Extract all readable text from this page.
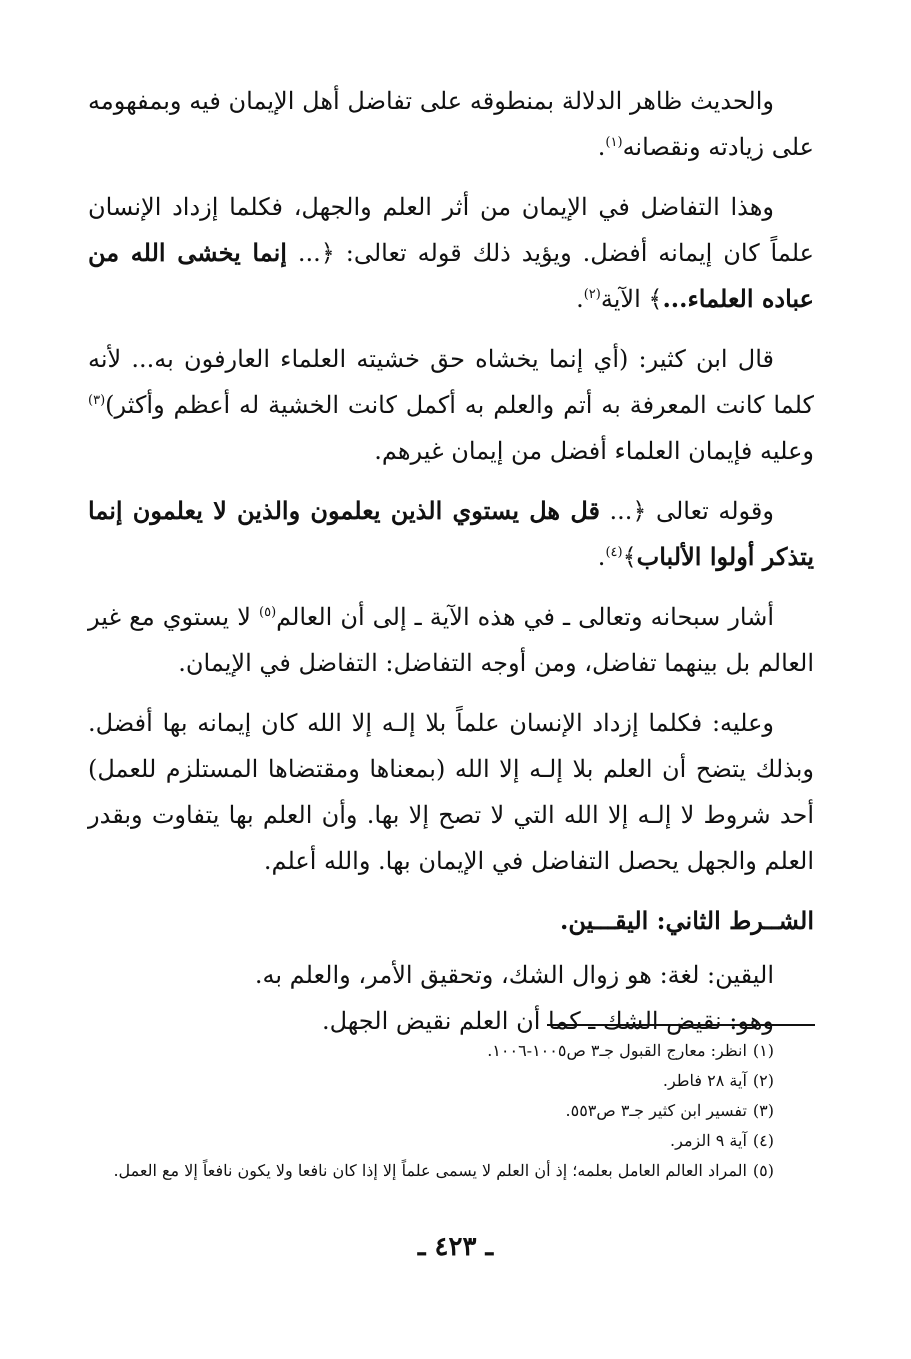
والحديث ظاهر الدلالة بمنطوقه على تفاضل أهل الإيمان فيه وبمفهومه على زيادته ونقصانه$^{(١)}$.

وهذا التفاضل في الإيمان من أثر العلم والجهل، فكلما إزداد الإنسان علماً كان إيمانه أفضل. ويؤيد ذلك قوله تعالى: ﴿... إنما يخشى الله من عباده العلماء...﴾ الآية$^{(٢)}$.

قال ابن كثير: (أي إنما يخشاه حق خشيته العلماء العارفون به... لأنه كلما كانت المعرفة به أتم والعلم به أكمل كانت الخشية له أعظم وأكثر)$^{(٣)}$ وعليه فإيمان العلماء أفضل من إيمان غيرهم.

وقوله تعالى ﴿... قل هل يستوي الذين يعلمون والذين لا يعلمون إنما يتذكر أولوا الألباب﴾$^{(٤)}$.

أشار سبحانه وتعالى ـ في هذه الآية ـ إلى أن العالم$^{(٥)}$ لا يستوي مع غير العالم بل بينهما تفاضل، ومن أوجه التفاضل: التفاضل في الإيمان.

وعليه: فكلما إزداد الإنسان علماً بلا إلـه إلا الله كان إيمانه بها أفضل. وبذلك يتضح أن العلم بلا إلـه إلا الله (بمعناها ومقتضاها المستلزم للعمل) أحد شروط لا إلـه إلا الله التي لا تصح إلا بها. وأن العلم بها يتفاوت وبقدر العلم والجهل يحصل التفاضل في الإيمان بها. والله أعلم.

الشــرط الثاني: اليقـــين.

اليقين: لغة: هو زوال الشك، وتحقيق الأمر، والعلم به.

وهو: نقيض الشك ـ كما أن العلم نقيض الجهل.

(١)انظر: معارج القبول جـ٣ ص١٠٠٥-١٠٠٦.

(٢)آية ٢٨ فاطر.

(٣)تفسير ابن كثير جـ٣ ص٥٥٣.

(٤)آية ٩ الزمر.

(٥)المراد العالم العامل بعلمه؛ إذ أن العلم لا يسمى علماً إلا إذا كان نافعا ولا يكون نافعاً إلا مع العمل.

ـ ٤٢٣ ـ
